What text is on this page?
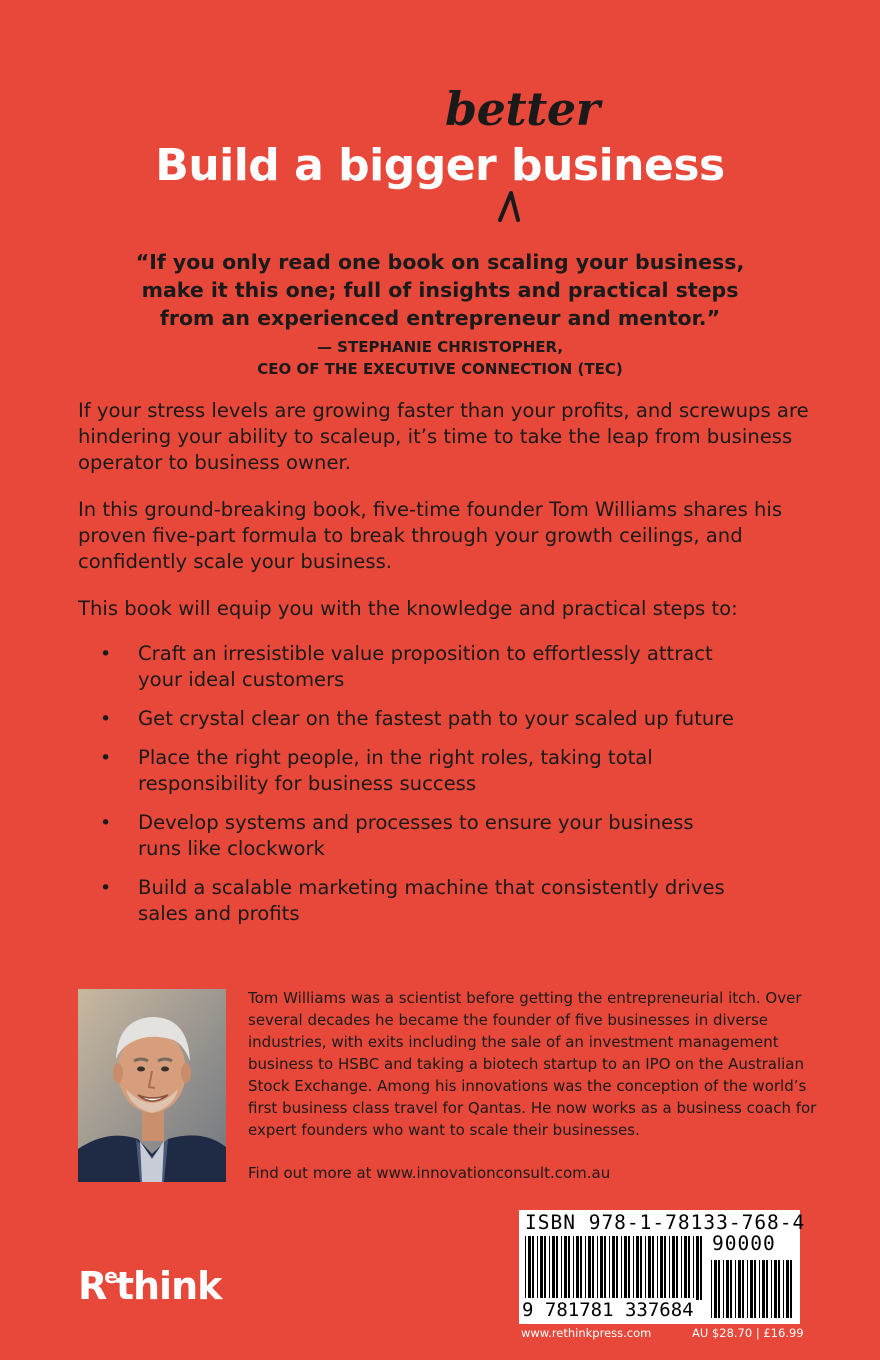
Build a bigger business
better
“If you only read one book on scaling your business,
make it this one; full of insights and practical steps
from an experienced entrepreneur and mentor.”
— STEPHANIE CHRISTOPHER,
CEO OF THE EXECUTIVE CONNECTION (TEC)
If your stress levels are growing faster than your profits, and screwups are hindering your ability to scaleup, it’s time to take the leap from business operator to business owner.
In this ground-breaking book, five-time founder Tom Williams shares his proven five-part formula to break through your growth ceilings, and confidently scale your business.
This book will equip you with the knowledge and practical steps to:
• Craft an irresistible value proposition to effortlessly attract your ideal customers
• Get crystal clear on the fastest path to your scaled up future
• Place the right people, in the right roles, taking total responsibility for business success
• Develop systems and processes to ensure your business runs like clockwork
• Build a scalable marketing machine that consistently drives sales and profits
Tom Williams was a scientist before getting the entrepreneurial itch. Over several decades he became the founder of five businesses in diverse industries, with exits including the sale of an investment management business to HSBC and taking a biotech startup to an IPO on the Australian Stock Exchange. Among his innovations was the conception of the world’s first business class travel for Qantas. He now works as a business coach for expert founders who want to scale their businesses.
Find out more at www.innovationconsult.com.au
$R^ethink$
ISBN 978-1-78133-768-4
90000
9 781781 337684
www.rethinkpress.com	AU $28.70 | £16.99
